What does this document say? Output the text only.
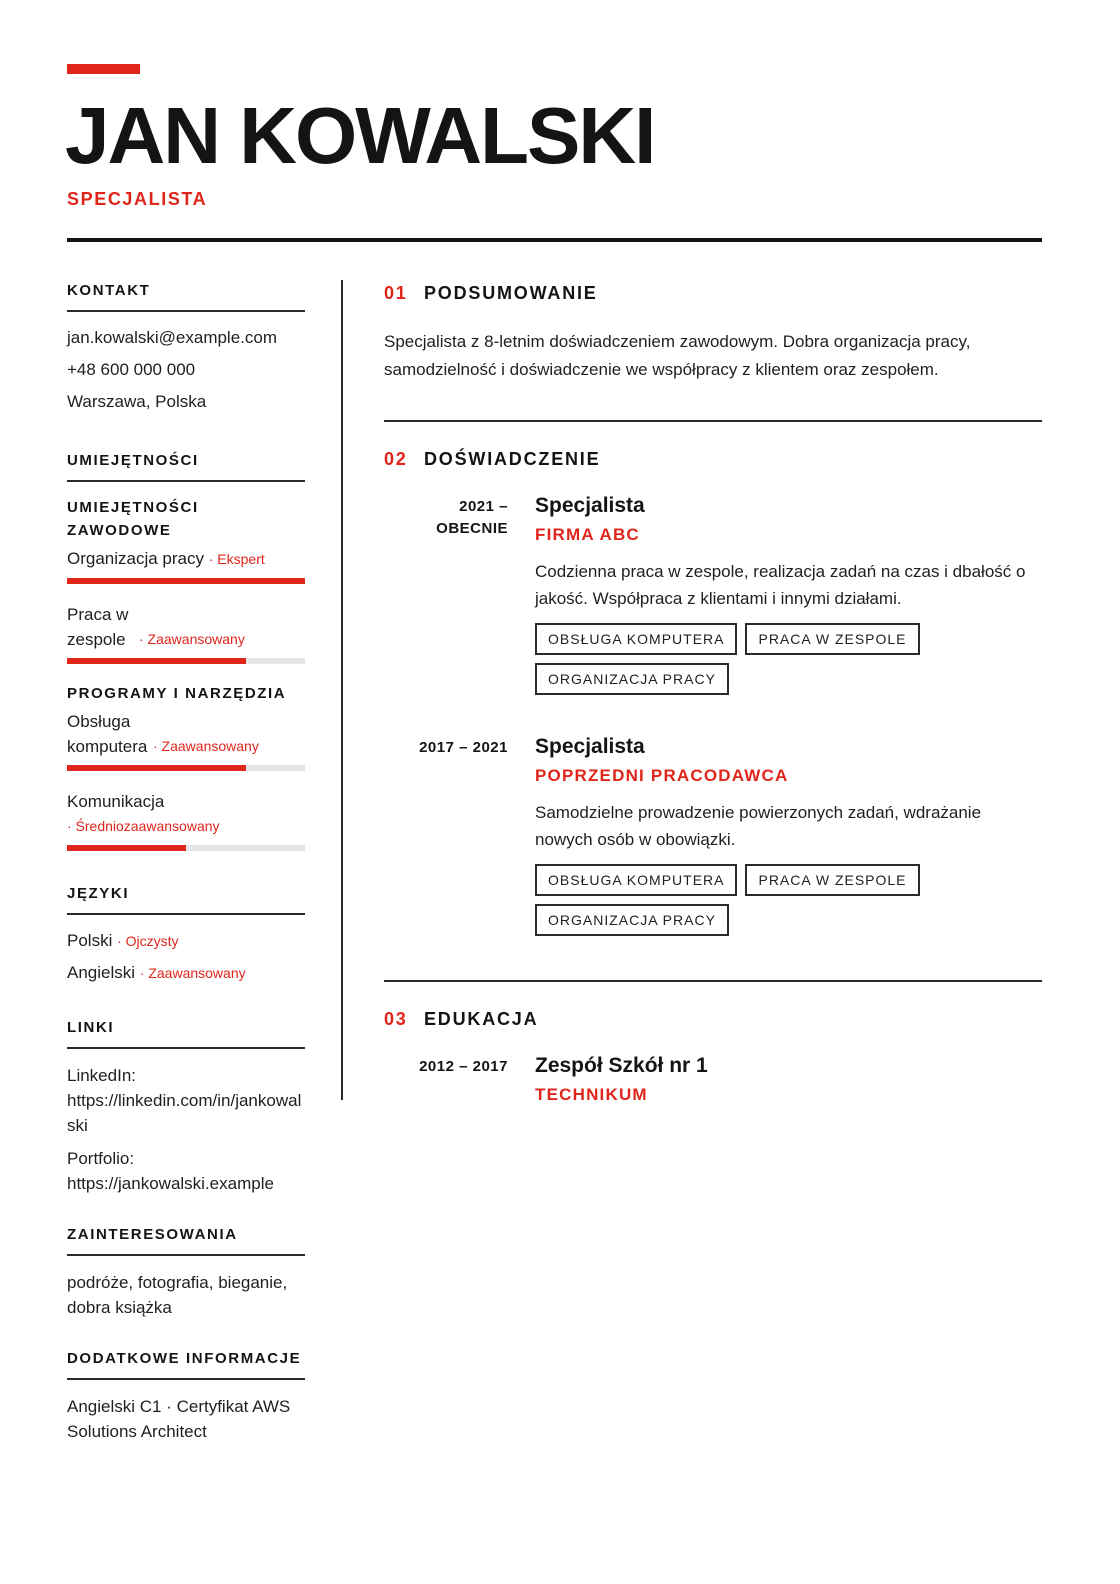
JAN KOWALSKI
SPECJALISTA
KONTAKT
jan.kowalski@example.com
+48 600 000 000
Warszawa, Polska
UMIEJĘTNOŚCI
UMIEJĘTNOŚCI ZAWODOWE
Organizacja pracy · Ekspert
Praca w zespole · Zaawansowany
PROGRAMY I NARZĘDZIA
Obsługa komputera · Zaawansowany
Komunikacja
· Średniozaawansowany
JĘZYKI
Polski · Ojczysty
Angielski · Zaawansowany
LINKI
LinkedIn:
https://linkedin.com/in/jankowalski
Portfolio:
https://jankowalski.example
ZAINTERESOWANIA
podróże, fotografia, bieganie, dobra książka
DODATKOWE INFORMACJE
Angielski C1 · Certyfikat AWS Solutions Architect
01 PODSUMOWANIE
Specjalista z 8-letnim doświadczeniem zawodowym. Dobra organizacja pracy, samodzielność i doświadczenie we współpracy z klientem oraz zespołem.
02 DOŚWIADCZENIE
2021 –
OBECNIE
Specjalista
FIRMA ABC
Codzienna praca w zespole, realizacja zadań na czas i dbałość o jakość. Współpraca z klientami i innymi działami.
OBSŁUGA KOMPUTERA	PRACA W ZESPOLE
ORGANIZACJA PRACY
2017 – 2021 Specjalista
POPRZEDNI PRACODAWCA
Samodzielne prowadzenie powierzonych zadań, wdrażanie nowych osób w obowiązki.
OBSŁUGA KOMPUTERA	PRACA W ZESPOLE
ORGANIZACJA PRACY
03 EDUKACJA
2012 – 2017 Zespół Szkół nr 1
TECHNIKUM
